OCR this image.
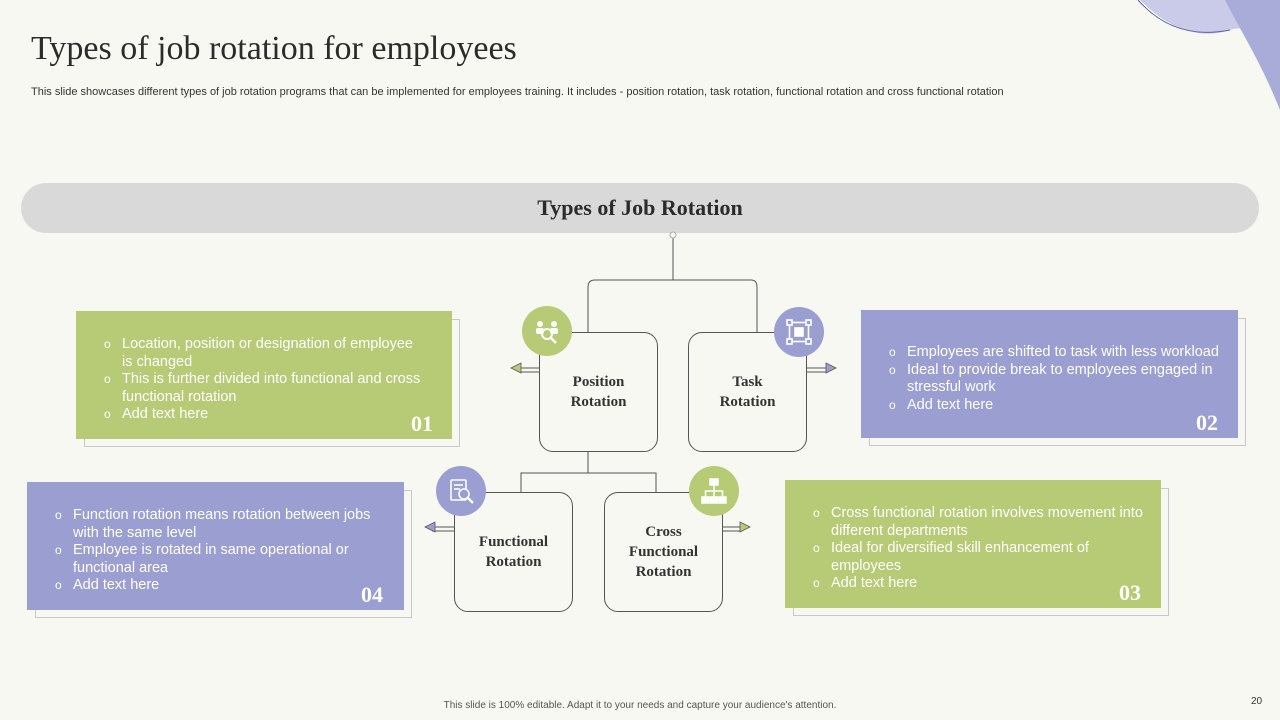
Types of job rotation for employees
This slide showcases different types of job rotation programs that can be implemented for employees training. It includes - position rotation, task rotation, functional rotation and cross functional rotation
Types of Job Rotation
Position Rotation
Task Rotation
Functional Rotation
Cross Functional Rotation
o Location, position or designation of employee is changed
o This is further divided into functional and cross functional rotation
o Add text here	01
o Employees are shifted to task with less workload
o Ideal to provide break to employees engaged in stressful work
o Add text here
02
o Cross functional rotation involves movement into different departments
o Ideal for diversified skill enhancement of employees
o Add text here	03
o Function rotation means rotation between jobs with the same level
o Employee is rotated in same operational or functional area
o Add text here	04
This slide is 100% editable. Adapt it to your needs and capture your audience's attention.	20
